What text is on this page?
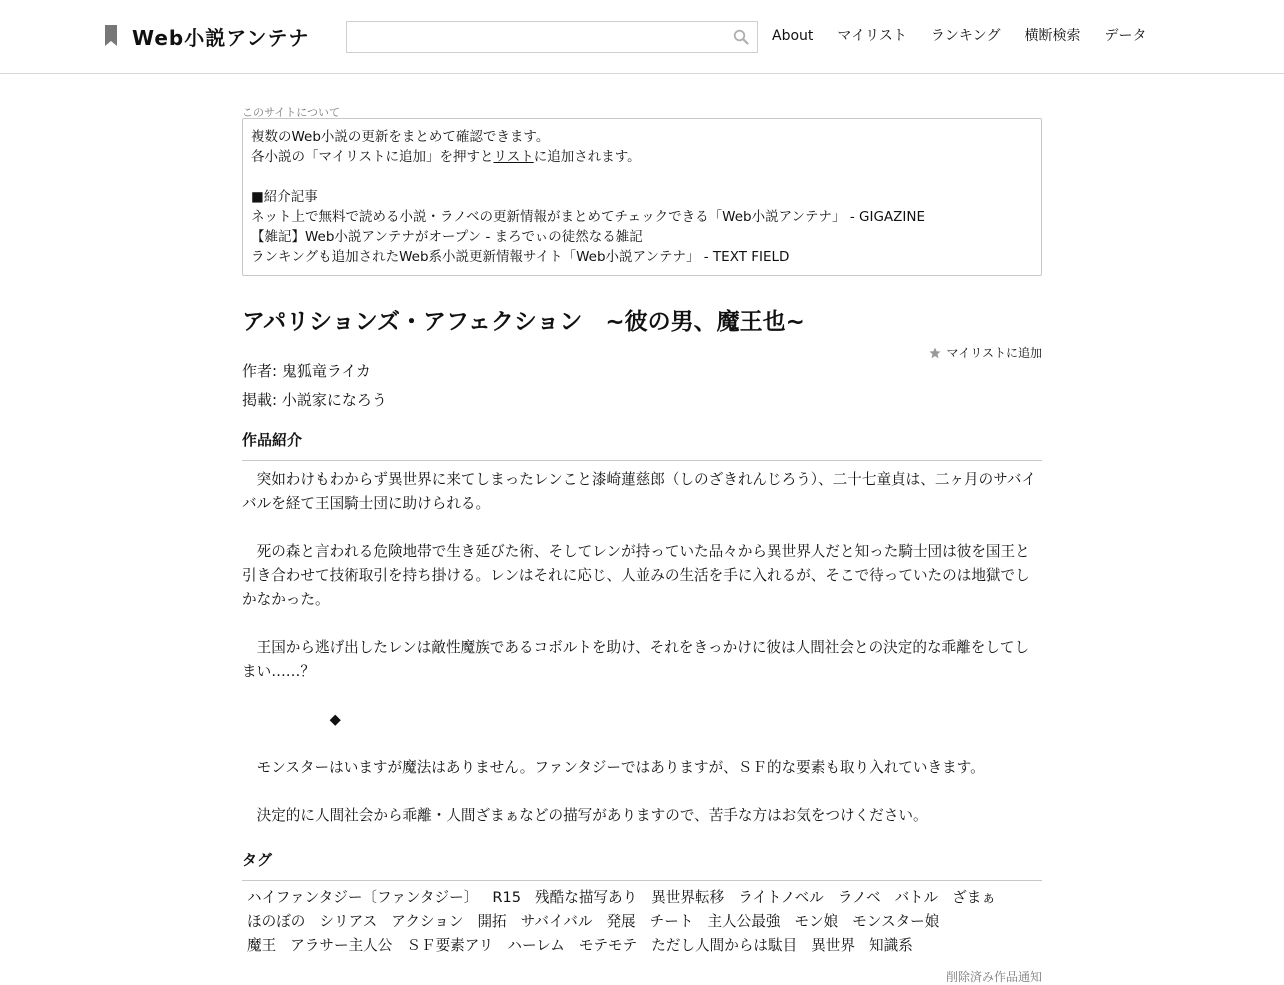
Web小説アンテナ	About マイリスト ランキング 横断検索 データ
このサイトについて
複数のWeb小説の更新をまとめて確認できます。
各小説の「マイリストに追加」を押すとリストに追加されます。
■紹介記事
ネット上で無料で読める小説・ラノベの更新情報がまとめてチェックできる「Web小説アンテナ」 - GIGAZINE
【雑記】Web小説アンテナがオープン - まろでぃの徒然なる雑記
ランキングも追加されたWeb系小説更新情報サイト「Web小説アンテナ」 - TEXT FIELD
アパリションズ・アフェクション　~彼の男、魔王也~
マイリストに追加
作者: 鬼狐竜ライカ
掲載: 小説家になろう
作品紹介

　突如わけもわからず異世界に来てしまったレンこと漆崎蓮慈郎（しのざきれんじろう）、二十七童貞は、二ヶ月のサバイバルを経て王国騎士団に助けられる。

　死の森と言われる危険地帯で生き延びた術、そしてレンが持っていた品々から異世界人だと知った騎士団は彼を国王と引き合わせて技術取引を持ち掛ける。レンはそれに応じ、人並みの生活を手に入れるが、そこで待っていたのは地獄でしかなかった。

　王国から逃げ出したレンは敵性魔族であるコボルトを助け、それをきっかけに彼は人間社会との決定的な乖離をしてしまい……？

　　　　　　◆

　モンスターはいますが魔法はありません。ファンタジーではありますが、ＳＦ的な要素も取り入れていきます。

　決定的に人間社会から乖離・人間ざまぁなどの描写がありますので、苦手な方はお気をつけください。

タグ
ハイファンタジー〔ファンタジー〕 R15 残酷な描写あり 異世界転移 ライトノベル ラノベ バトル ざまぁ
ほのぼの シリアス アクション 開拓 サバイバル 発展 チート 主人公最強 モン娘 モンスター娘
魔王 アラサー主人公 ＳＦ要素アリ ハーレム モテモテ ただし人間からは駄目 異世界 知識系
削除済み作品通知
